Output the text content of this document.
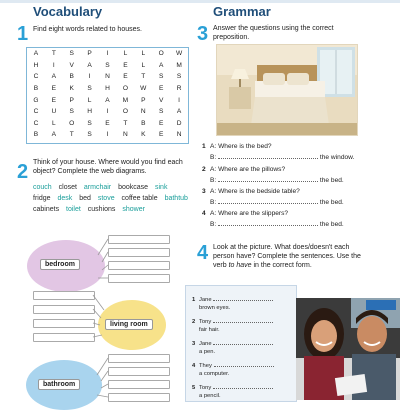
Vocabulary
1 Find eight words related to houses.
A	T	S	P	I	L	L	O	W
H	I	V	A	S	E	L	A	M
C	A	B	I	N	E	T	S	S
B	E	K	S	H	O	W	E	R
G	E	P	L	A	M	P	V	I
C	U	S	H	I	O	N	S	A
C	L	O	S	E	T	B	E	D
B	A	T	S	I	N	K	E	N
2 Think of your house. Where would you find each object? Complete the web diagrams.
couch closet armchair bookcase sink fridge desk bed stove coffee table bathtub cabinets toilet cushions shower
bedroom
living room
bathroom
Grammar
3 Answer the questions using the correct preposition.
1 A: Where is the bed?
B:	the window.
2 A: Where are the pillows?
B:	the bed.
3 A: Where is the bedside table?
B:	the bed.
4 A: Where are the slippers?
B:	the bed.
4 Look at the picture. What does/doesn't each person have? Complete the sentences. Use the verb to have in the correct form.
1 Jane
brown eyes.
2 Tony
fair hair.
3 Jane
a pen.
4 They
a computer.
5 Tony
a pencil.
